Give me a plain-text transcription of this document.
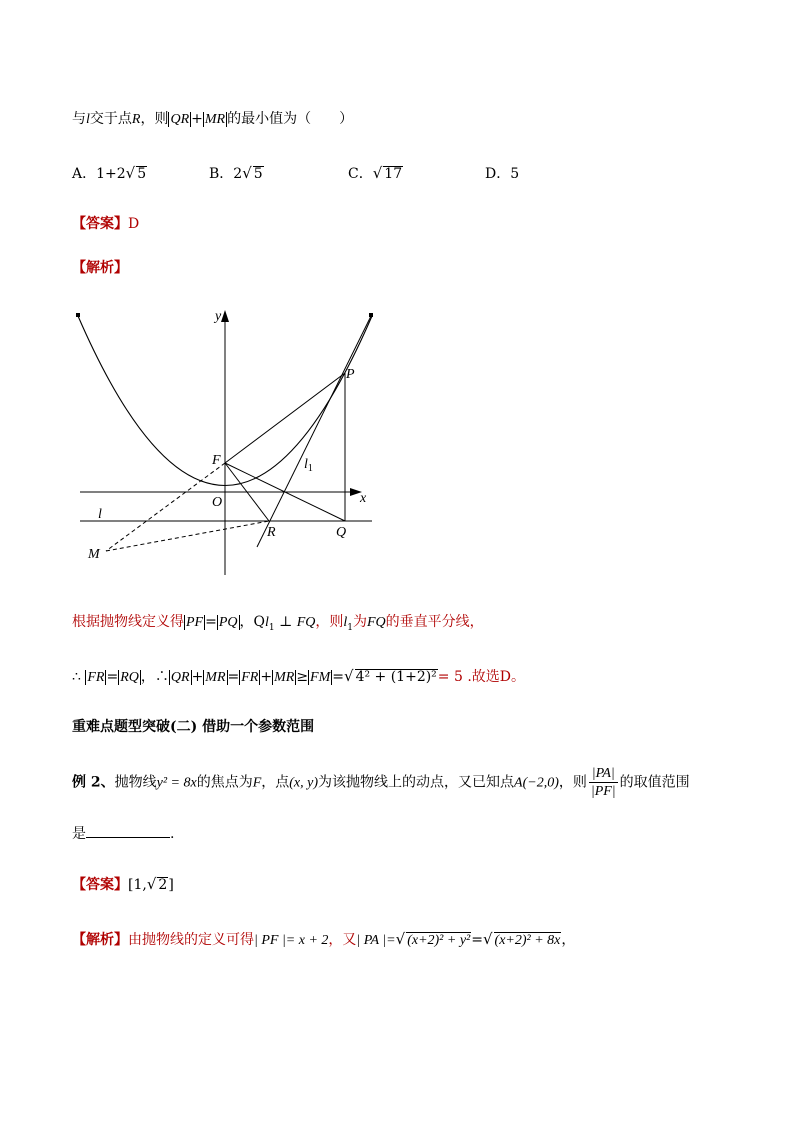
与l交于点R，则 QR + MR 的最小值为（　　）
A．1+2√ 5	B．2√ 5	C．√ 17	D．5
【答案】D
【解析】
y
x
P
F
O
$l_1$
l
R	Q
M
根据抛物线定义得 PF = PQ ，$Ql_1$ ⊥ FQ，则$l_1$为FQ的垂直平分线，
∴ FR = RQ ，∴ QR + MR = FR + MR ≥ FM =√ 4² + (1+2)²= 5 .故选D。
重难点题型突破(二) 借助一个参数范围
例 2、抛物线y² = 8x的焦点为F，点(x, y)为该抛物线上的动点，又已知点A(−2,0)，则 $\frac{|PA|}{|PF|}$ 的取值范围
是	.
【答案】[1,√ 2]
【解析】由抛物线的定义可得| PF |= x + 2，又| PA |=√ (x+2)² + y²=√ (x+2)² + 8x，
